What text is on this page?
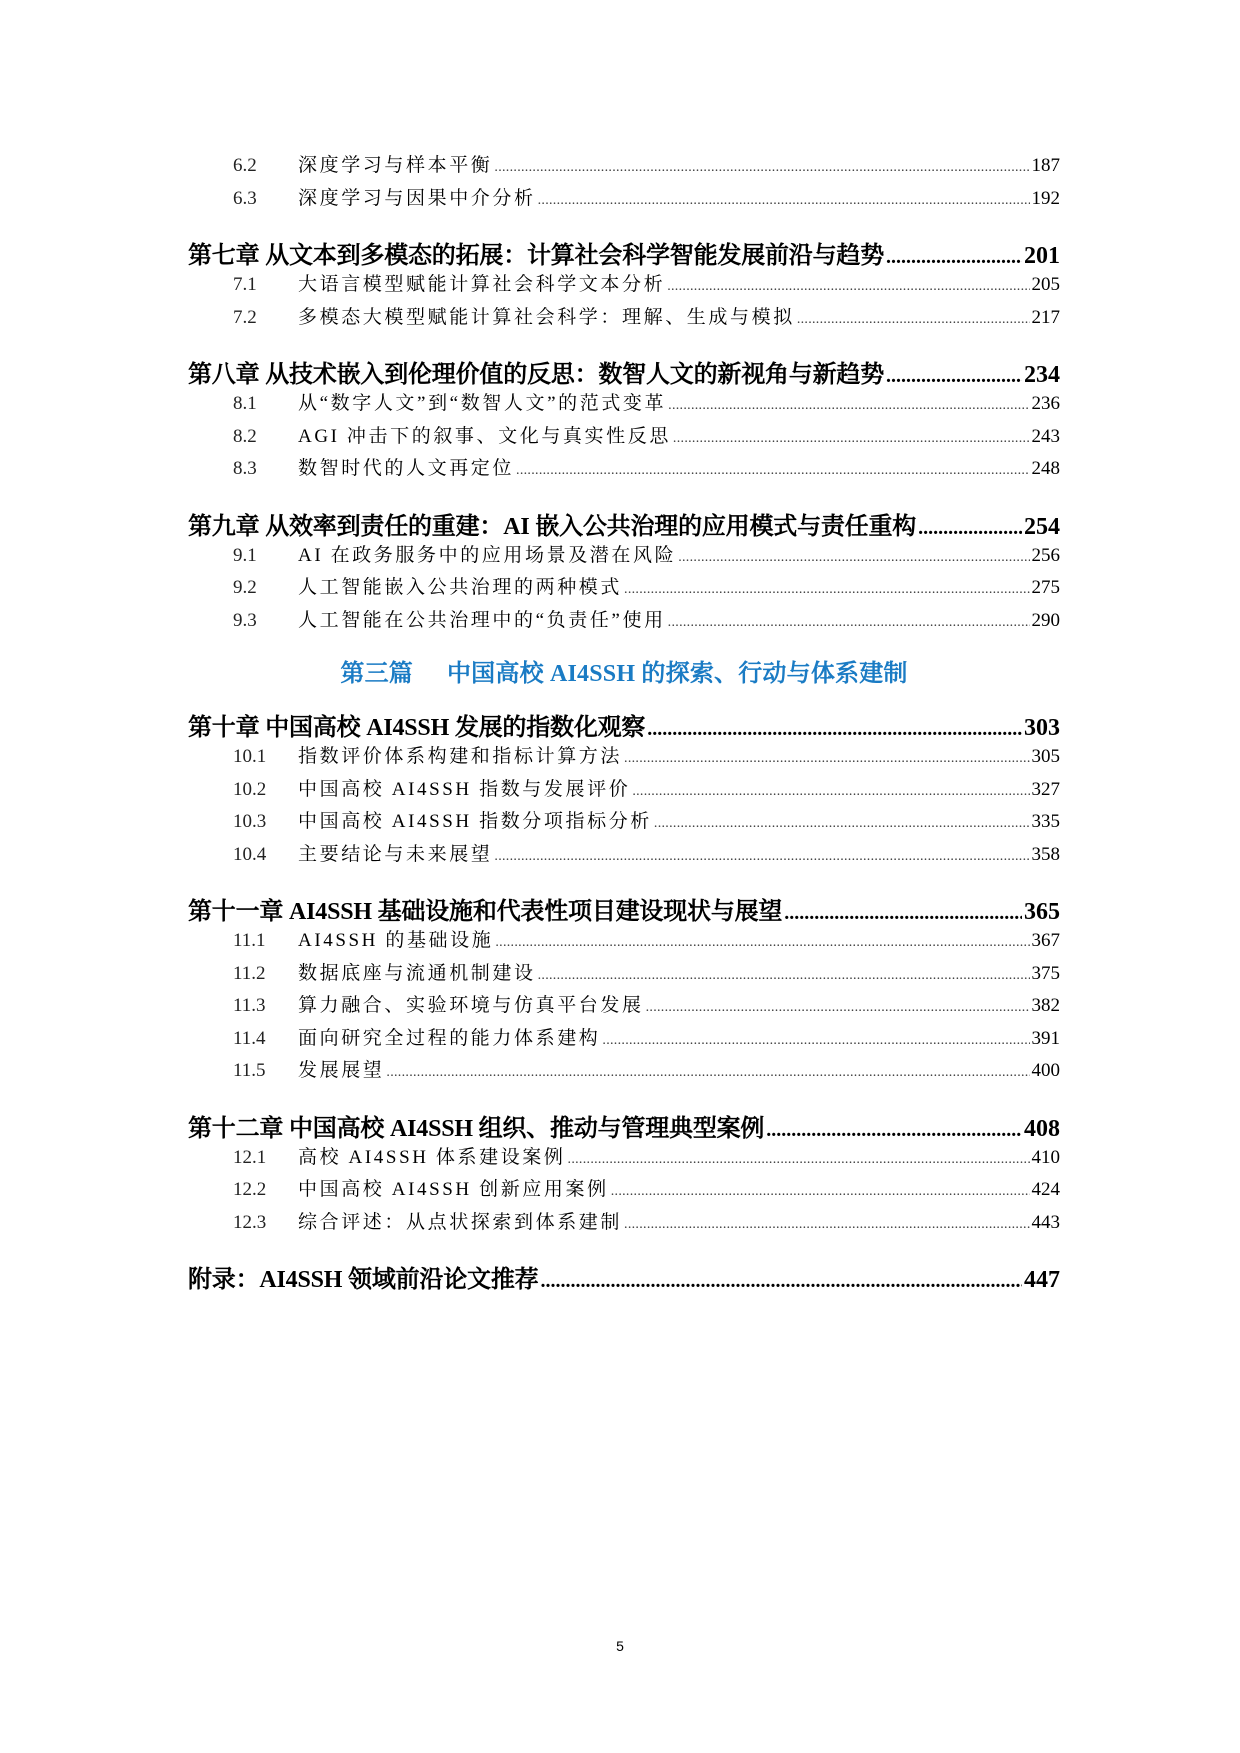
6.2	深度学习与样本平衡 .....	187
6.3	深度学习与因果中介分析 .....	192
第七章 从文本到多模态的拓展：计算社会科学智能发展前沿与趋势 .....	201
7.1	大语言模型赋能计算社会科学文本分析 .....	205
7.2	多模态大模型赋能计算社会科学：理解、生成与模拟 .....	217
第八章 从技术嵌入到伦理价值的反思：数智人文的新视角与新趋势 .....	234
8.1	从“数字人文”到“数智人文”的范式变革 .....	236
8.2	AGI 冲击下的叙事、文化与真实性反思 .....	243
8.3	数智时代的人文再定位 .....	248
第九章 从效率到责任的重建：AI 嵌入公共治理的应用模式与责任重构 .....	254
9.1	AI 在政务服务中的应用场景及潜在风险 .....	256
9.2	人工智能嵌入公共治理的两种模式 .....	275
9.3	人工智能在公共治理中的“负责任”使用 .....	290
第三篇 中国高校 AI4SSH 的探索、行动与体系建制
第十章 中国高校 AI4SSH 发展的指数化观察 .....	303
10.1	指数评价体系构建和指标计算方法 .....	305
10.2	中国高校 AI4SSH 指数与发展评价 .....	327
10.3	中国高校 AI4SSH 指数分项指标分析 .....	335
10.4	主要结论与未来展望 .....	358
第十一章 AI4SSH 基础设施和代表性项目建设现状与展望 .....	365
11.1	AI4SSH 的基础设施 .....	367
11.2	数据底座与流通机制建设 .....	375
11.3	算力融合、实验环境与仿真平台发展 .....	382
11.4	面向研究全过程的能力体系建构 .....	391
11.5	发展展望 .....	400
第十二章 中国高校 AI4SSH 组织、推动与管理典型案例 .....	408
12.1	高校 AI4SSH 体系建设案例 .....	410
12.2	中国高校 AI4SSH 创新应用案例 .....	424
12.3	综合评述：从点状探索到体系建制 .....	443
附录：AI4SSH 领域前沿论文推荐 .....	447
5
